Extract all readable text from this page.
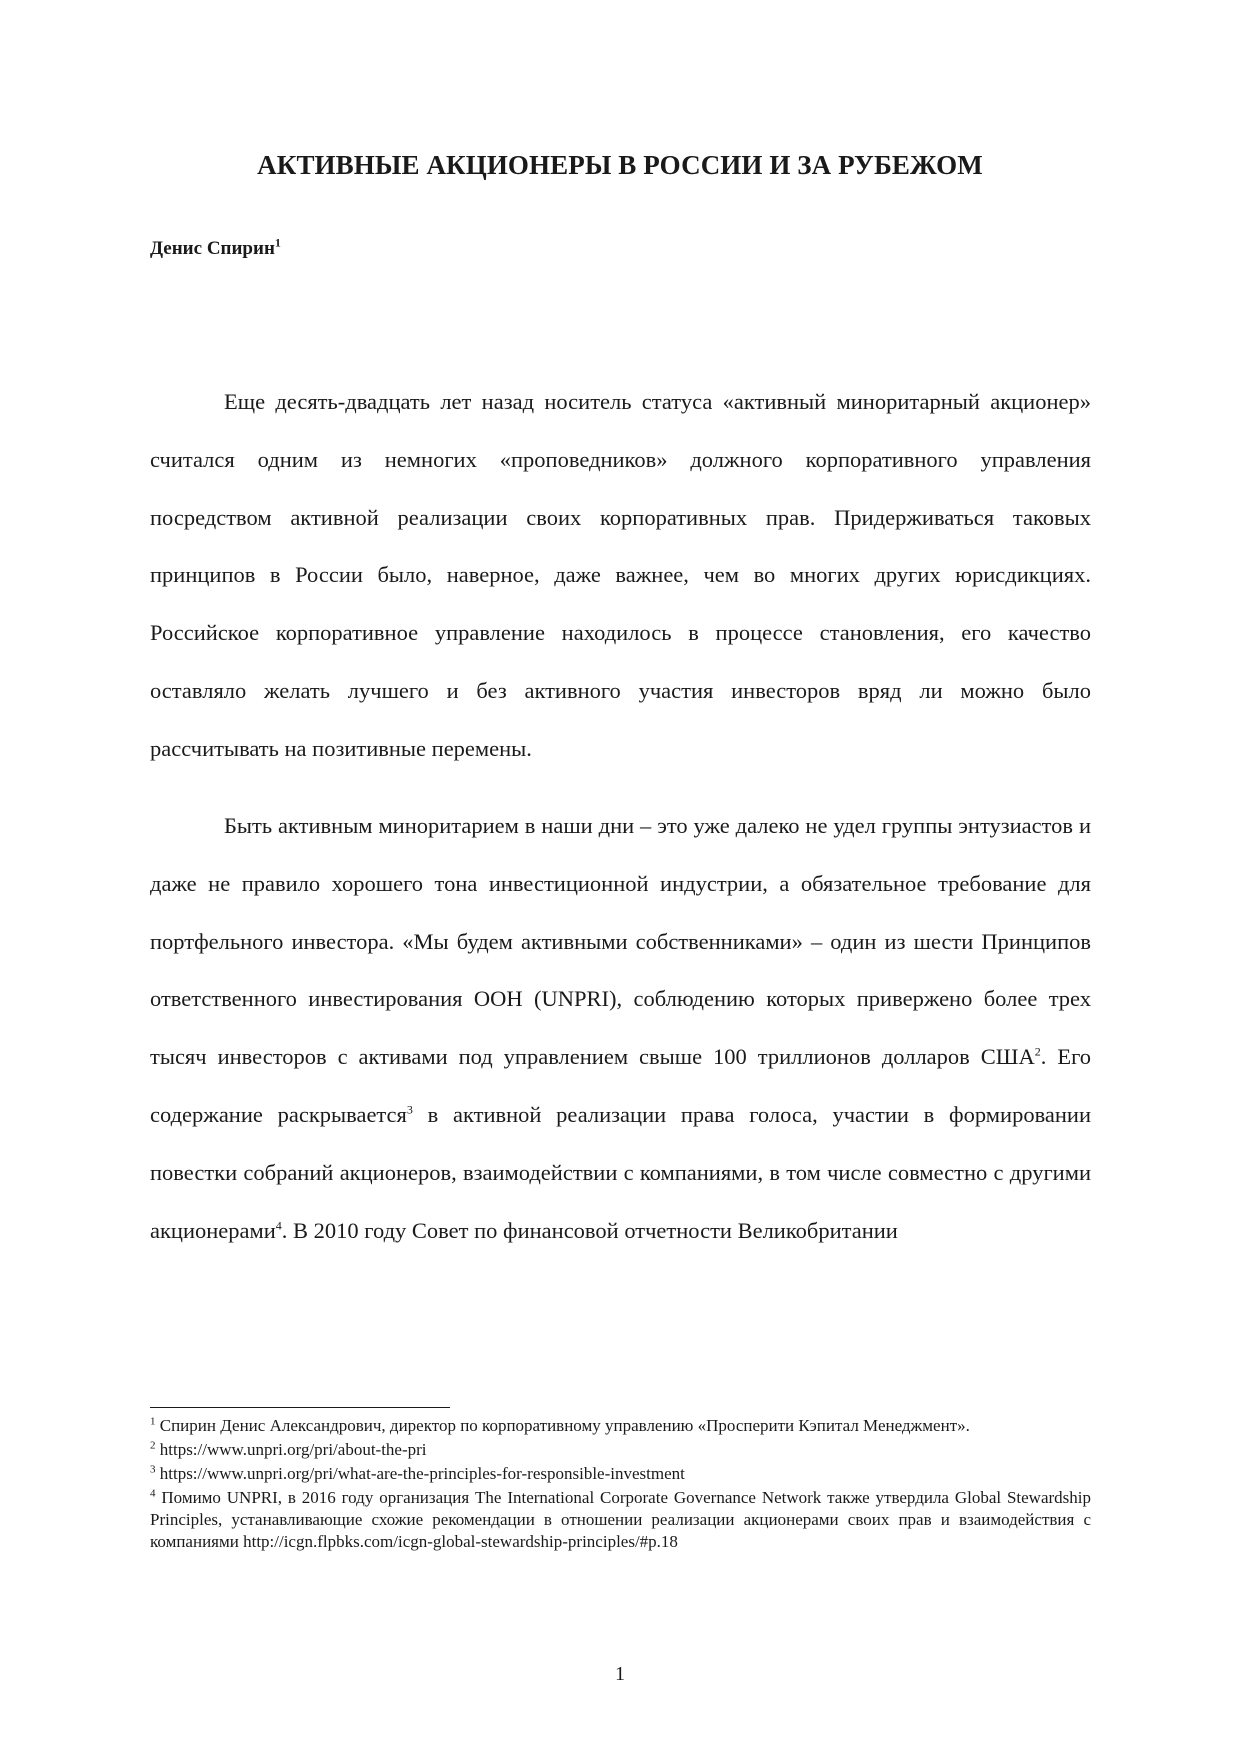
АКТИВНЫЕ АКЦИОНЕРЫ В РОССИИ И ЗА РУБЕЖОМ
Денис Спирин$^1$

Еще десять-двадцать лет назад носитель статуса «активный миноритарный акционер» считался одним из немногих «проповедников» должного корпоративного управления посредством активной реализации своих корпоративных прав. Придерживаться таковых принципов в России было, наверное, даже важнее, чем во многих других юрисдикциях. Российское корпоративное управление находилось в процессе становления, его качество оставляло желать лучшего и без активного участия инвесторов вряд ли можно было рассчитывать на позитивные перемены.

Быть активным миноритарием в наши дни – это уже далеко не удел группы энтузиастов и даже не правило хорошего тона инвестиционной индустрии, а обязательное требование для портфельного инвестора. «Мы будем активными собственниками» – один из шести Принципов ответственного инвестирования ООН (UNPRI), соблюдению которых привержено более трех тысяч инвесторов с активами под управлением свыше 100 триллионов долларов США$^2$. Его содержание раскрывается$^3$ в активной реализации права голоса, участии в формировании повестки собраний акционеров, взаимодействии с компаниями, в том числе совместно с другими акционерами$^4$. В 2010 году Совет по финансовой отчетности Великобритании

$^1$ Спирин Денис Александрович, директор по корпоративному управлению «Просперити Кэпитал Менеджмент».

$^2$ https://www.unpri.org/pri/about-the-pri

$^3$ https://www.unpri.org/pri/what-are-the-principles-for-responsible-investment

$^4$ Помимо UNPRI, в 2016 году организация The International Corporate Governance Network также утвердила Global Stewardship Principles, устанавливающие схожие рекомендации в отношении реализации акционерами своих прав и взаимодействия с компаниями http://icgn.flpbks.com/icgn-global-stewardship-principles/#p.18

1
